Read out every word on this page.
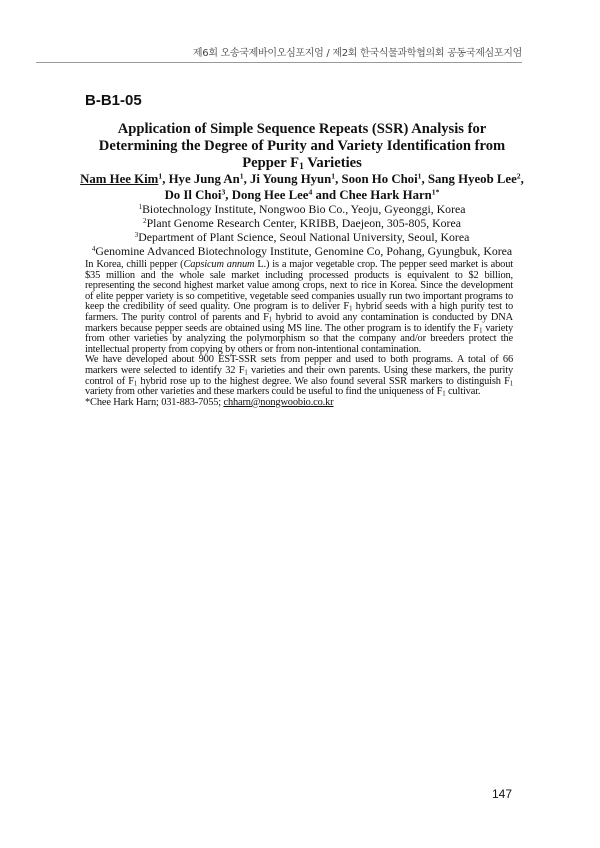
제6회 오송국제바이오심포지엄 / 제2회 한국식물과학협의회 공동국제심포지엄
B-B1-05
Application of Simple Sequence Repeats (SSR) Analysis for
Determining the Degree of Purity and Variety Identification from
Pepper $F_1$ Varieties
Nam Hee Kim$^1$, Hye Jung An$^1$, Ji Young Hyun$^1$, Soon Ho Choi$^1$, Sang Hyeob Lee$^2$,
Do Il Choi$^3$, Dong Hee Lee$^4$ and Chee Hark Harn$^{1*}$
$^1$Biotechnology Institute, Nongwoo Bio Co., Yeoju, Gyeonggi, Korea
$^2$Plant Genome Research Center, KRIBB, Daejeon, 305-805, Korea
$^3$Department of Plant Science, Seoul National University, Seoul, Korea
$^4$Genomine Advanced Biotechnology Institute, Genomine Co, Pohang, Gyungbuk, Korea

In Korea, chilli pepper (Capsicum annum L.) is a major vegetable crop. The pepper seed market is about $35 million and the whole sale market including processed products is equivalent to $2 billion, representing the second highest market value among crops, next to rice in Korea. Since the development of elite pepper variety is so competitive, vegetable seed companies usually run two important programs to keep the credibility of seed quality. One program is to deliver $F_1$ hybrid seeds with a high purity test to farmers. The purity control of parents and $F_1$ hybrid to avoid any contamination is conducted by DNA markers because pepper seeds are obtained using MS line. The other program is to identify the $F_1$ variety from other varieties by analyzing the polymorphism so that the company and/or breeders protect the intellectual property from copying by others or from non-intentional contamination.

We have developed about 900 EST-SSR sets from pepper and used to both programs. A total of 66 markers were selected to identify 32 $F_1$ varieties and their own parents. Using these markers, the purity control of $F_1$ hybrid rose up to the highest degree. We also found several SSR markers to distinguish $F_1$ variety from other varieties and these markers could be useful to find the uniqueness of $F_1$ cultivar.

*Chee Hark Harn; 031-883-7055; chharn@nongwoobio.co.kr

147
